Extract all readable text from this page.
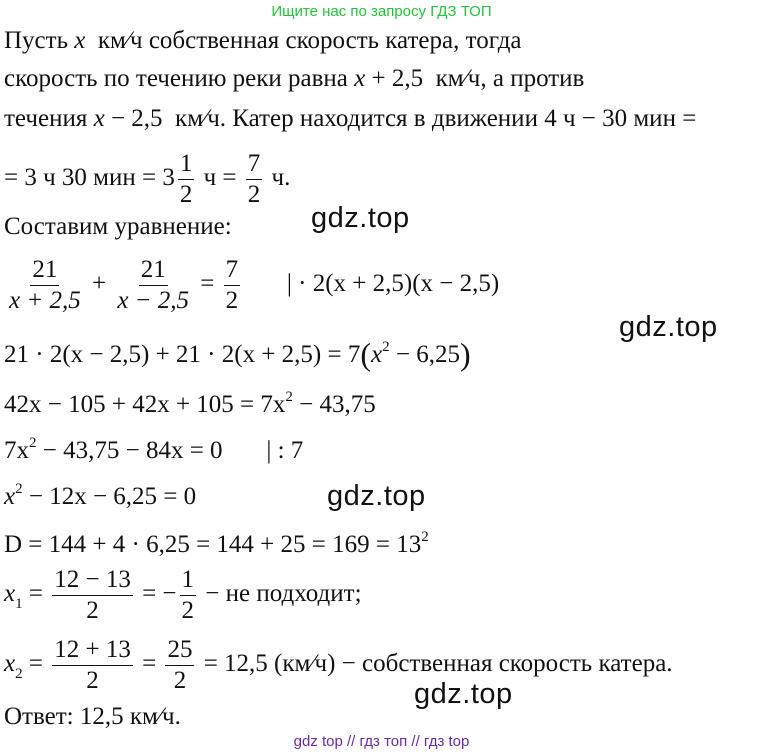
Ищите нас по запросу ГДЗ ТОП
Пусть x км⁄ч собственная скорость катера, тогда
скорость по течению реки равна x + 2,5  км⁄ч, а против
течения x − 2,5  км⁄ч. Катер находится в движении 4 ч − 30 мин =
= 3 ч 30 мин = $3 \frac{1}{2}$ $ч = \frac{7}{2} ч$.
Составим уравнение:
$\frac{21}{x + 2,5} + \frac{21}{x - 2,5} = \frac{7}{2}$ | · 2(x + 2,5)(x − 2,5)
$21 \cdot 2(x - 2,5) + 21 \cdot 2(x + 2,5) = 7(x^2 - 6,25)$
$42x - 105 + 42x + 105 = 7x^2 - 43,75$
$7x^2 - 43,75 - 84x = 0$ | : 7
$x^2 - 12x - 6,25 = 0$
$D = 144 + 4 \cdot 6,25 = 144 + 25 = 169 = 13^2$
$x_1 = \frac{12 - 13}{2}$ = − $\frac{1}{2}$ − не подходит;
$x_2 = \frac{12 + 13}{2} = \frac{25}{2} = 12,5$ (км⁄ч) − собственная скорость катера.
Ответ: 12,5 км⁄ч.
gdz.top
gdz.top
gdz.top
gdz.top
gdz top // гдз топ // гдз top
